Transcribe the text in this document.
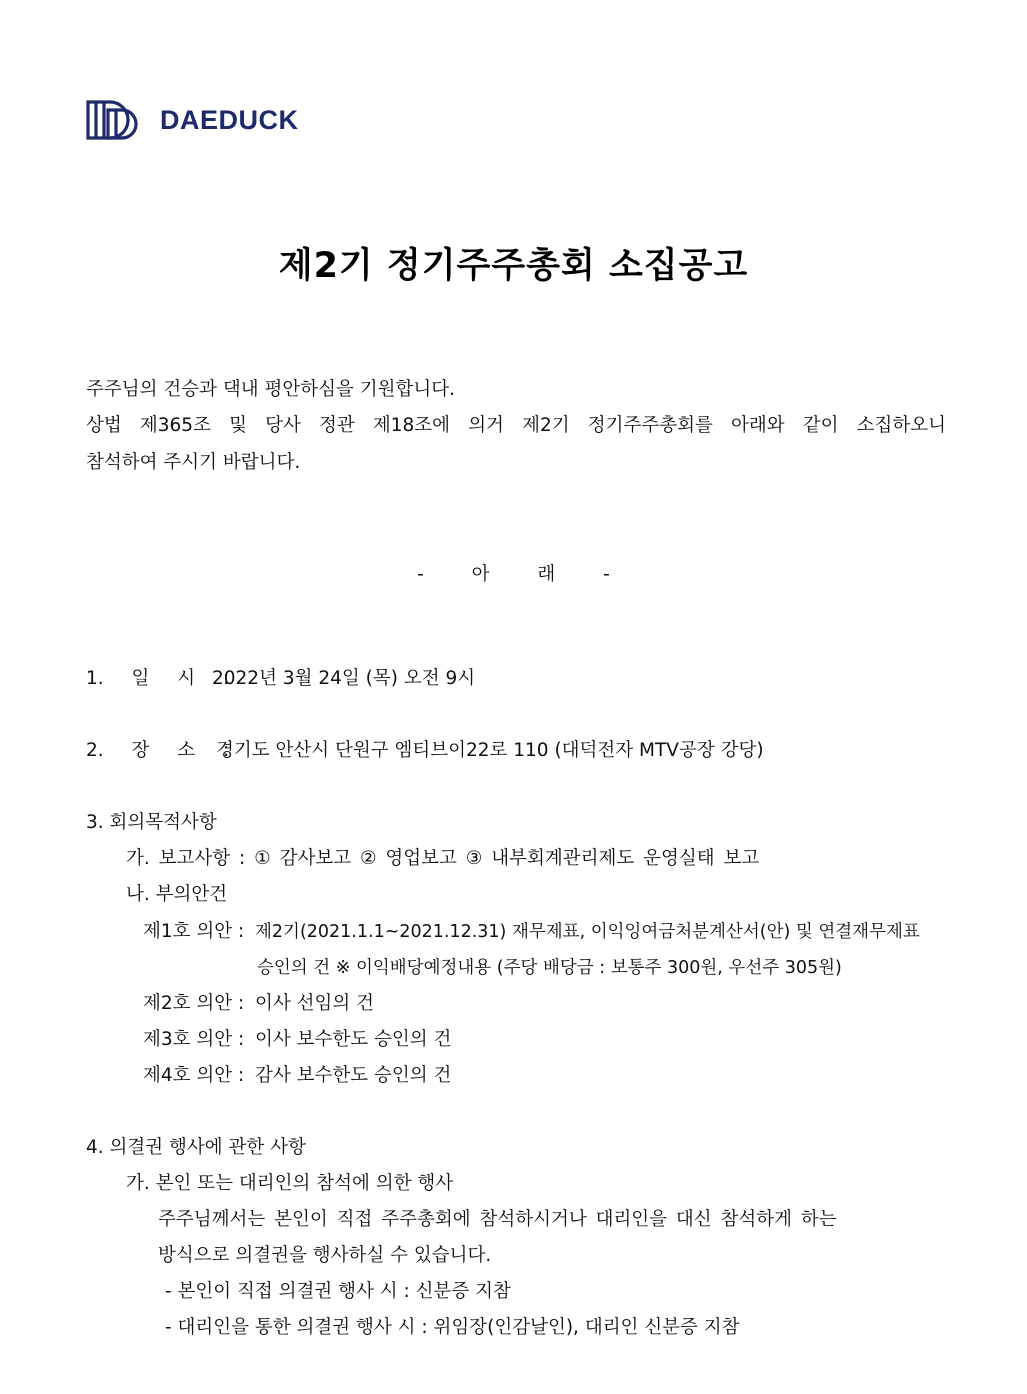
DAEDUCK
제2기 정기주주총회 소집공고
주주님의 건승과 댁내 평안하심을 기원합니다.
상법 제365조 및 당사 정관 제18조에 의거 제2기 정기주주총회를 아래와 같이 소집하오니
참석하여 주시기 바랍니다.
- 아 래 -
1. 일 시 :
2022년 3월 24일 (목) 오전 9시
2. 장 소 :
경기도 안산시 단원구 엠티브이22로 110 (대덕전자 MTV공장 강당)
3. 회의목적사항
가. 보고사항 : ① 감사보고 ② 영업보고 ③ 내부회계관리제도 운영실태 보고
나. 부의안건
제1호 의안 : 제2기(2021.1.1~2021.12.31) 재무제표, 이익잉여금처분계산서(안) 및 연결재무제표
승인의 건 ※ 이익배당예정내용 (주당 배당금 : 보통주 300원, 우선주 305원)
제2호 의안 : 이사 선임의 건
제3호 의안 : 이사 보수한도 승인의 건
제4호 의안 : 감사 보수한도 승인의 건
4. 의결권 행사에 관한 사항
가. 본인 또는 대리인의 참석에 의한 행사
주주님께서는 본인이 직접 주주총회에 참석하시거나 대리인을 대신 참석하게 하는
방식으로 의결권을 행사하실 수 있습니다.
- 본인이 직접 의결권 행사 시 : 신분증 지참
- 대리인을 통한 의결권 행사 시 : 위임장(인감날인), 대리인 신분증 지참
